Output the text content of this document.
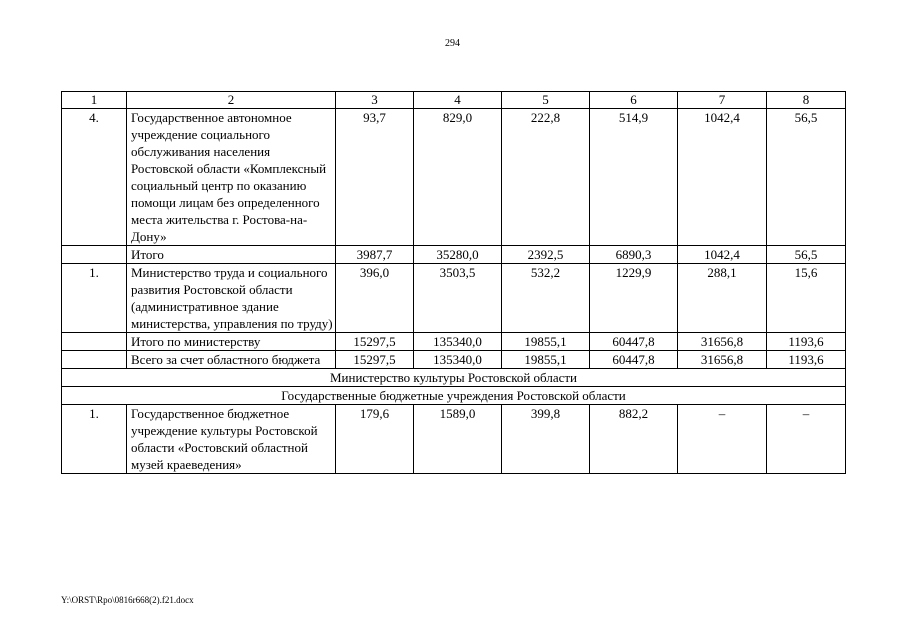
294
1	2	3	4	5	6	7	8
4.	Государственное автономное учреждение социального обслуживания населения Ростовской области «Комплексный социальный центр по оказанию помощи лицам без определенного места жительства г. Ростова-на-Дону»	93,7	829,0	222,8	514,9	1042,4	56,5
	Итого	3987,7	35280,0	2392,5	6890,3	1042,4	56,5
1.	Министерство труда и социального развития Ростовской области (административное здание министерства, управления по труду)	396,0	3503,5	532,2	1229,9	288,1	15,6
	Итого по министерству	15297,5	135340,0	19855,1	60447,8	31656,8	1193,6
	Всего за счет областного бюджета	15297,5	135340,0	19855,1	60447,8	31656,8	1193,6
Министерство культуры Ростовской области							
Государственные бюджетные учреждения Ростовской области							
1.	Государственное бюджетное учреждение культуры Ростовской области «Ростовский областной музей краеведения»	179,6	1589,0	399,8	882,2	–	–
Y:\ORST\Rpo\0816r668(2).f21.docx
